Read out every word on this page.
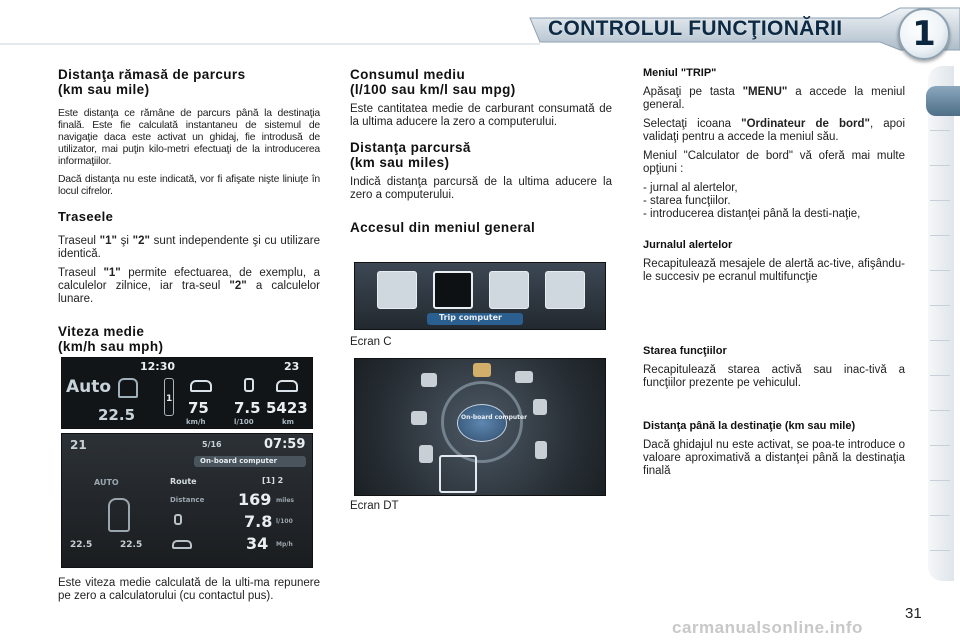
CONTROLUL FUNCŢIONĂRII 1
Distanţa rămasă de parcurs
(km sau mile)

Este distanţa ce rămâne de parcurs până la destinaţia finală. Este fie calculată instantaneu de sistemul de navigaţie daca este activat un ghidaj, fie introdusă de utilizator, mai puţin kilo-metri efectuaţi de la introducerea informaţiilor.

Dacă distanţa nu este indicată, vor fi afişate nişte liniuţe în locul cifrelor.

Traseele

Traseul "1" şi "2" sunt independente şi cu utilizare identică.

Traseul "1" permite efectuarea, de exemplu, a calculelor zilnice, iar tra-seul "2" a calculelor lunare.

Viteza medie
(km/h sau mph)
12:30	23
Auto
22.5
1 75 7.5 5423
km/h	l/100	km
21	5/16	07:59
On-board computer
AUTO	Route	[1] 2
Distance 169 miles
7.8 l/100
34 Mp/h
22.5	22.5

Este viteza medie calculată de la ulti-ma repunere pe zero a calculatorului (cu contactul pus).

Consumul mediu
(l/100 sau km/l sau mpg)

Este cantitatea medie de carburant consumată de la ultima aducere la zero a computerului.

Distanţa parcursă
(km sau miles)

Indică distanţa parcursă de la ultima aducere la zero a computerului.

Accesul din meniul general
Trip computer
Ecran C
On-board computer
Ecran DT
Meniul "TRIP"

Apăsaţi pe tasta "MENU" a accede la meniul general.

Selectaţi icoana "Ordinateur de bord", apoi validaţi pentru a accede la meniul său.

Meniul "Calculator de bord" vă oferă mai multe opţiuni :

- jurnal al alertelor,
- starea funcţiilor.
- introducerea distanţei până la desti-naţie,
Jurnalul alertelor

Recapitulează mesajele de alertă ac-tive, afişându-le succesiv pe ecranul multifuncţie

Starea funcţiilor

Recapitulează starea activă sau inac-tivă a funcţiilor prezente pe vehiculul.

Distanţa până la destinaţie (km sau mile)

Dacă ghidajul nu este activat, se poa-te introduce o valoare aproximativă a distanţei până la destinaţia finală

31
carmanualsonline.info
